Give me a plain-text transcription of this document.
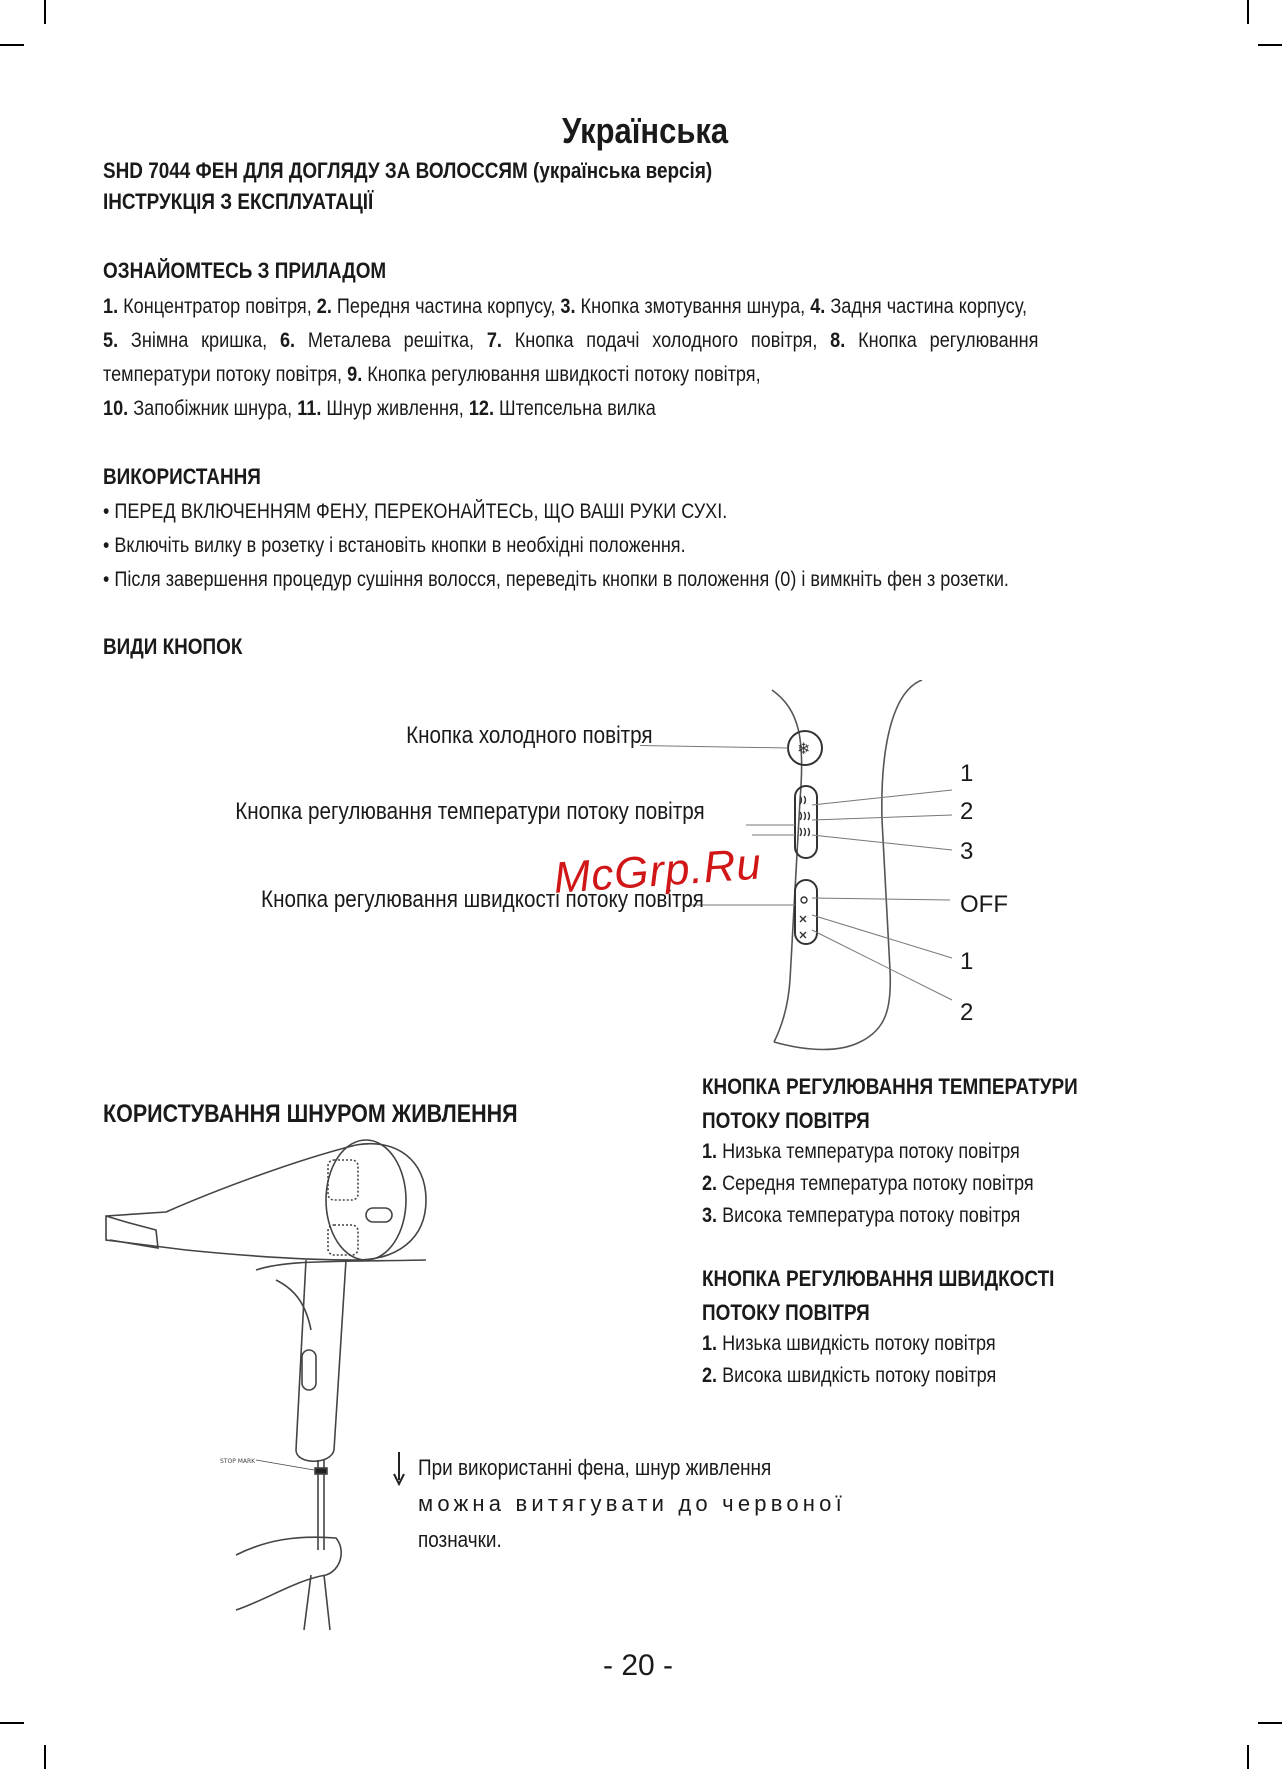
Українська
SHD 7044 ФЕН ДЛЯ ДОГЛЯДУ ЗА ВОЛОССЯМ (українська версія)
ІНСТРУКЦІЯ З ЕКСПЛУАТАЦІЇ
ОЗНАЙОМТЕСЬ З ПРИЛАДОМ
1. Концентратор повітря, 2. Передня частина корпусу, 3. Кнопка змотування шнура, 4. Задня частина корпусу,
5. Знімна кришка, 6. Металева решітка, 7. Кнопка подачі холодного повітря, 8. Кнопка регулювання
температури потоку повітря, 9. Кнопка регулювання швидкості потоку повітря,
10. Запобіжник шнура, 11. Шнур живлення, 12. Штепсельна вилка
ВИКОРИСТАННЯ
• ПЕРЕД ВКЛЮЧЕННЯМ ФЕНУ, ПЕРЕКОНАЙТЕСЬ, ЩО ВАШІ РУКИ СУХІ.
• Включіть вилку в розетку і встановіть кнопки в необхідні положення.
• Після завершення процедур сушіння волосся, переведіть кнопки в положення (0) і вимкніть фен з розетки.
ВИДИ КНОПОК
❄
Кнопка холодного повітря
Кнопка регулювання температури потоку повітря
Кнопка регулювання швидкості потоку повітря
1
2
3
OFF
1
2
McGrp.Ru
КОРИСТУВАННЯ ШНУРОМ ЖИВЛЕННЯ
STOP MARK	При використанні фена, шнур живлення
можна витягувати до червоної
позначки.
КНОПКА РЕГУЛЮВАННЯ ТЕМПЕРАТУРИ
ПОТОКУ ПОВІТРЯ
1. Низька температура потоку повітря
2. Середня температура потоку повітря
3. Висока температура потоку повітря
КНОПКА РЕГУЛЮВАННЯ ШВИДКОСТІ
ПОТОКУ ПОВІТРЯ
1. Низька швидкість потоку повітря
2. Висока швидкість потоку повітря
- 20 -
